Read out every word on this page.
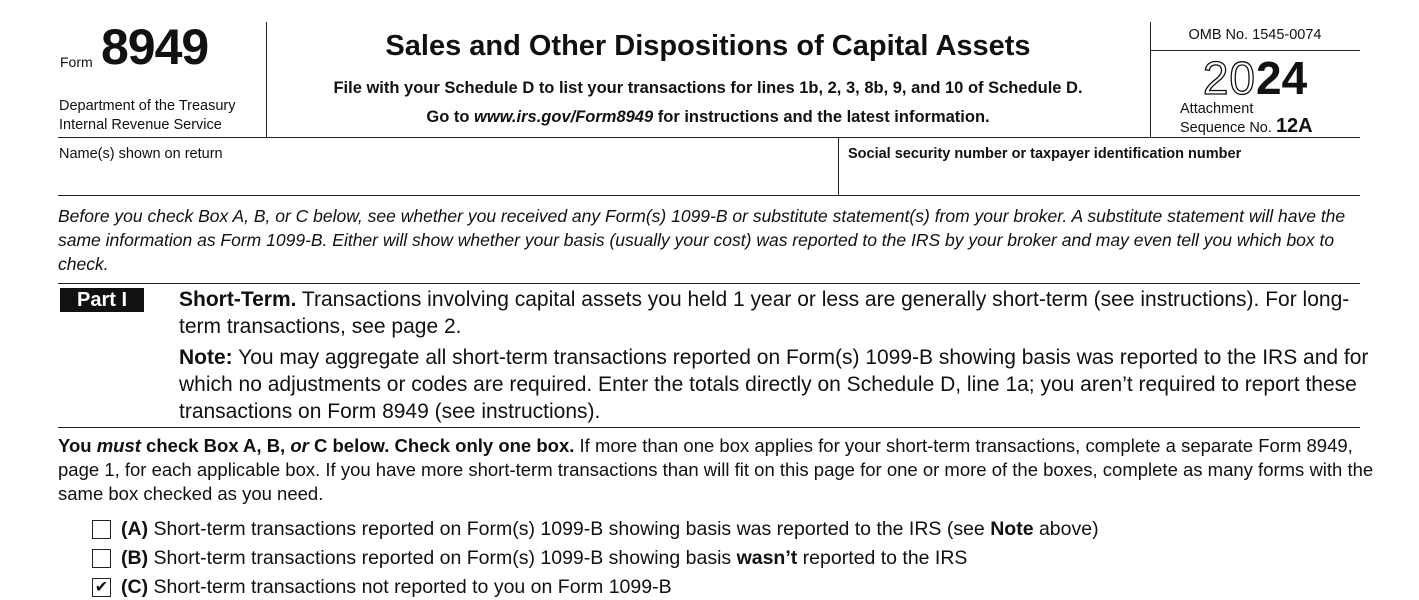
Form 8949
Department of the Treasury
Internal Revenue Service
Sales and Other Dispositions of Capital Assets
File with your Schedule D to list your transactions for lines 1b, 2, 3, 8b, 9, and 10 of Schedule D.
Go to www.irs.gov/Form8949 for instructions and the latest information.
OMB No. 1545-0074
2024
Attachment
Sequence No. 12A
Name(s) shown on return	Social security number or taxpayer identification number
Before you check Box A, B, or C below, see whether you received any Form(s) 1099-B or substitute statement(s) from your broker. A substitute statement will have the same information as Form 1099-B. Either will show whether your basis (usually your cost) was reported to the IRS by your broker and may even tell you which box to check.
Part I	Short-Term. Transactions involving capital assets you held 1 year or less are generally short-term (see instructions). For long-term transactions, see page 2.
Note: You may aggregate all short-term transactions reported on Form(s) 1099-B showing basis was reported to the IRS and for which no adjustments or codes are required. Enter the totals directly on Schedule D, line 1a; you aren’t required to report these transactions on Form 8949 (see instructions).
You must check Box A, B, or C below. Check only one box. If more than one box applies for your short-term transactions, complete a separate Form 8949, page 1, for each applicable box. If you have more short-term transactions than will fit on this page for one or more of the boxes, complete as many forms with the same box checked as you need.
(A) Short-term transactions reported on Form(s) 1099-B showing basis was reported to the IRS (see Note above)
(B) Short-term transactions reported on Form(s) 1099-B showing basis wasn’t reported to the IRS
✔ (C) Short-term transactions not reported to you on Form 1099-B
